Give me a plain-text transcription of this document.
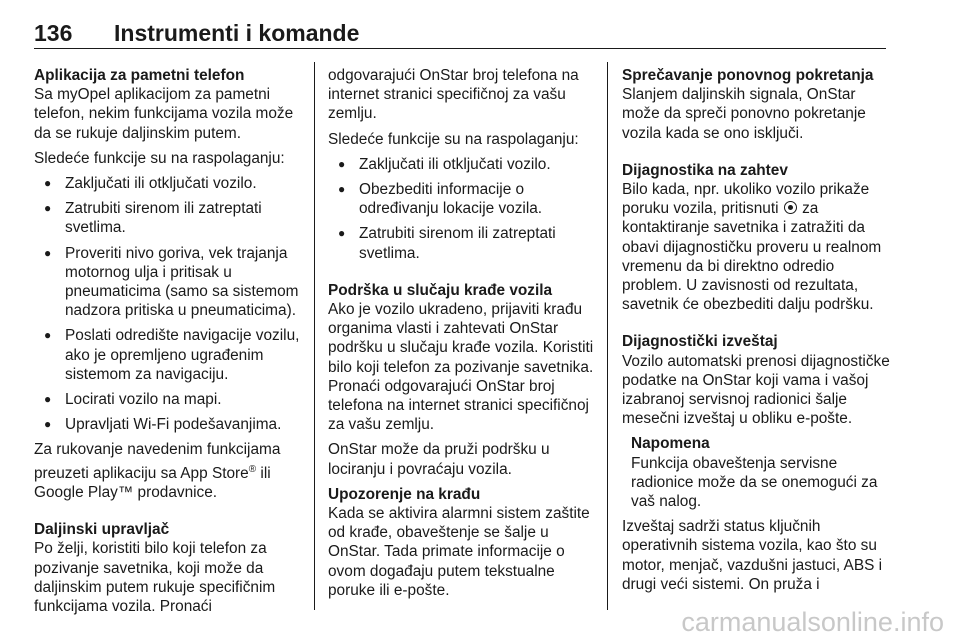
136 Instrumenti i komande

Aplikacija za pametni telefon

Sa myOpel aplikacijom za pametni telefon, nekim funkcijama vozila može da se rukuje daljinskim putem.

Sledeće funkcije su na raspolaganju:

● Zaključati ili otključati vozilo.
● Zatrubiti sirenom ili zatreptati svetlima.
● Proveriti nivo goriva, vek trajanja motornog ulja i pritisak u pneumaticima (samo sa sistemom nadzora pritiska u pneumaticima).
● Poslati odredište navigacije vozilu, ako je opremljeno ugrađenim sistemom za navigaciju.
● Locirati vozilo na mapi.
● Upravljati Wi-Fi podešavanjima.

Za rukovanje navedenim funkcijama preuzeti aplikaciju sa App Store® ili Google Play™ prodavnice.

Daljinski upravljač

Po želji, koristiti bilo koji telefon za pozivanje savetnika, koji može da daljinskim putem rukuje specifičnim funkcijama vozila. Pronaći

odgovarajući OnStar broj telefona na internet stranici specifičnoj za vašu zemlju.

Sledeće funkcije su na raspolaganju:

● Zaključati ili otključati vozilo.
● Obezbediti informacije o određivanju lokacije vozila.
● Zatrubiti sirenom ili zatreptati svetlima.

Podrška u slučaju krađe vozila

Ako je vozilo ukradeno, prijaviti krađu organima vlasti i zahtevati OnStar podršku u slučaju krađe vozila. Koristiti bilo koji telefon za pozivanje savetnika. Pronaći odgovarajući OnStar broj telefona na internet stranici specifičnoj za vašu zemlju.

OnStar može da pruži podršku u lociranju i povraćaju vozila.

Upozorenje na krađu

Kada se aktivira alarmni sistem zaštite od krađe, obaveštenje se šalje u OnStar. Tada primate informacije o ovom događaju putem tekstualne poruke ili e-pošte.

Sprečavanje ponovnog pokretanja

Slanjem daljinskih signala, OnStar može da spreči ponovno pokretanje vozila kada se ono isključi.

Dijagnostika na zahtev

Bilo kada, npr. ukoliko vozilo prikaže poruku vozila, pritisnuti  za kontaktiranje savetnika i zatražiti da obavi dijagnostičku proveru u realnom vremenu da bi direktno odredio problem. U zavisnosti od rezultata, savetnik će obezbediti dalju podršku.

Dijagnostički izveštaj

Vozilo automatski prenosi dijagnostičke podatke na OnStar koji vama i vašoj izabranoj servisnoj radionici šalje mesečni izveštaj u obliku e-pošte.

Napomena
Funkcija obaveštenja servisne radionice može da se onemogući za vaš nalog.

Izveštaj sadrži status ključnih operativnih sistema vozila, kao što su motor, menjač, vazdušni jastuci, ABS i drugi veći sistemi. On pruža i

carmanualsonline.info
